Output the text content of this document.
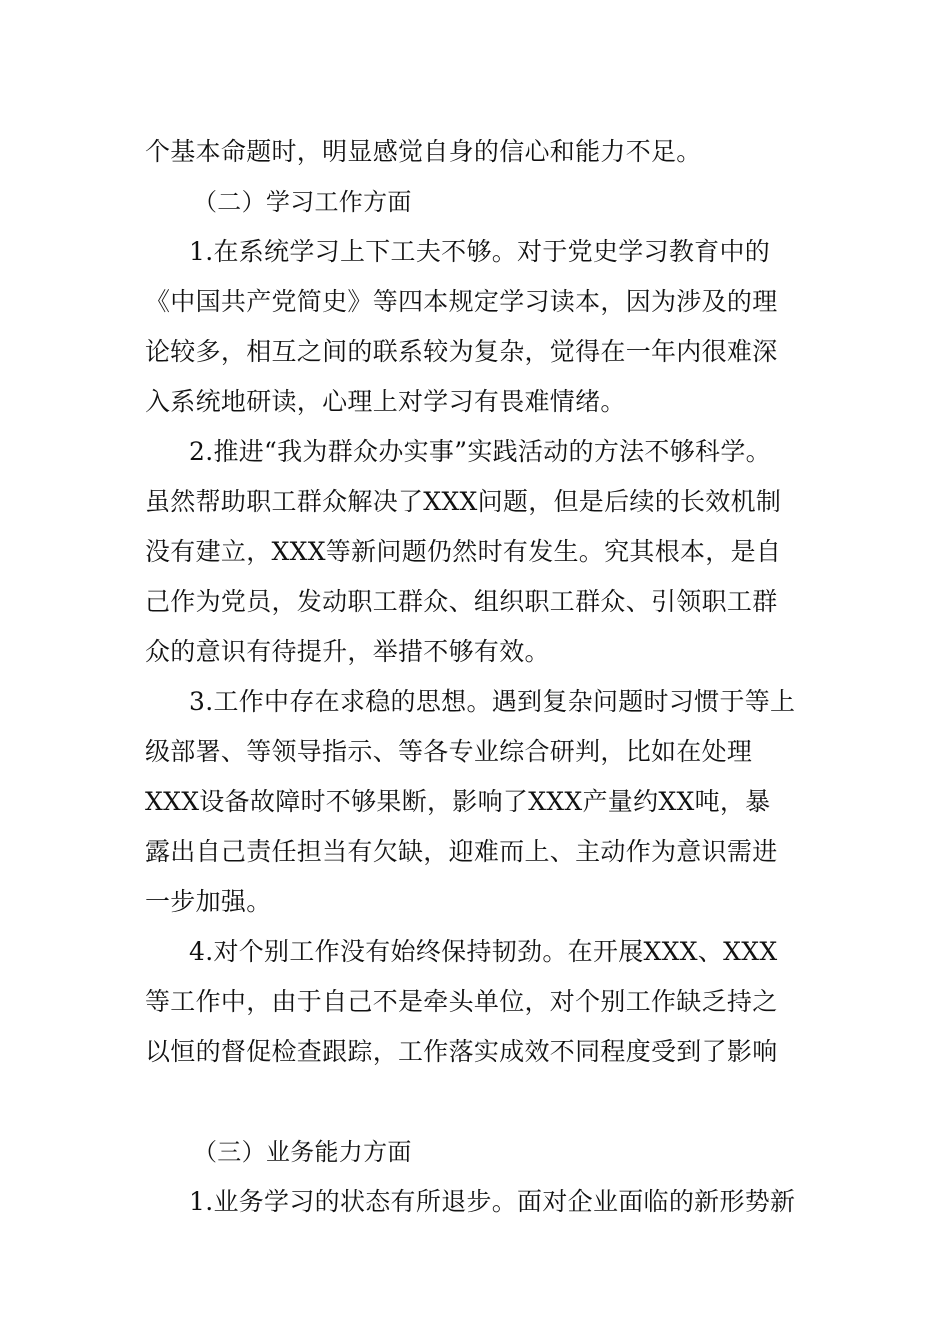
个基本命题时，明显感觉自身的信心和能力不足。
（二）学习工作方面
1.在系统学习上下工夫不够。对于党史学习教育中的
《中国共产党简史》等四本规定学习读本，因为涉及的理
论较多，相互之间的联系较为复杂，觉得在一年内很难深
入系统地研读，心理上对学习有畏难情绪。
2.推进“我为群众办实事”实践活动的方法不够科学。
虽然帮助职工群众解决了XXX问题，但是后续的长效机制
没有建立，XXX等新问题仍然时有发生。究其根本，是自
己作为党员，发动职工群众、组织职工群众、引领职工群
众的意识有待提升，举措不够有效。
3.工作中存在求稳的思想。遇到复杂问题时习惯于等上
级部署、等领导指示、等各专业综合研判，比如在处理
XXX设备故障时不够果断，影响了XXX产量约XX吨，暴
露出自己责任担当有欠缺，迎难而上、主动作为意识需进
一步加强。
4.对个别工作没有始终保持韧劲。在开展XXX、XXX
等工作中，由于自己不是牵头单位，对个别工作缺乏持之
以恒的督促检查跟踪，工作落实成效不同程度受到了影响
（三）业务能力方面
1.业务学习的状态有所退步。面对企业面临的新形势新
